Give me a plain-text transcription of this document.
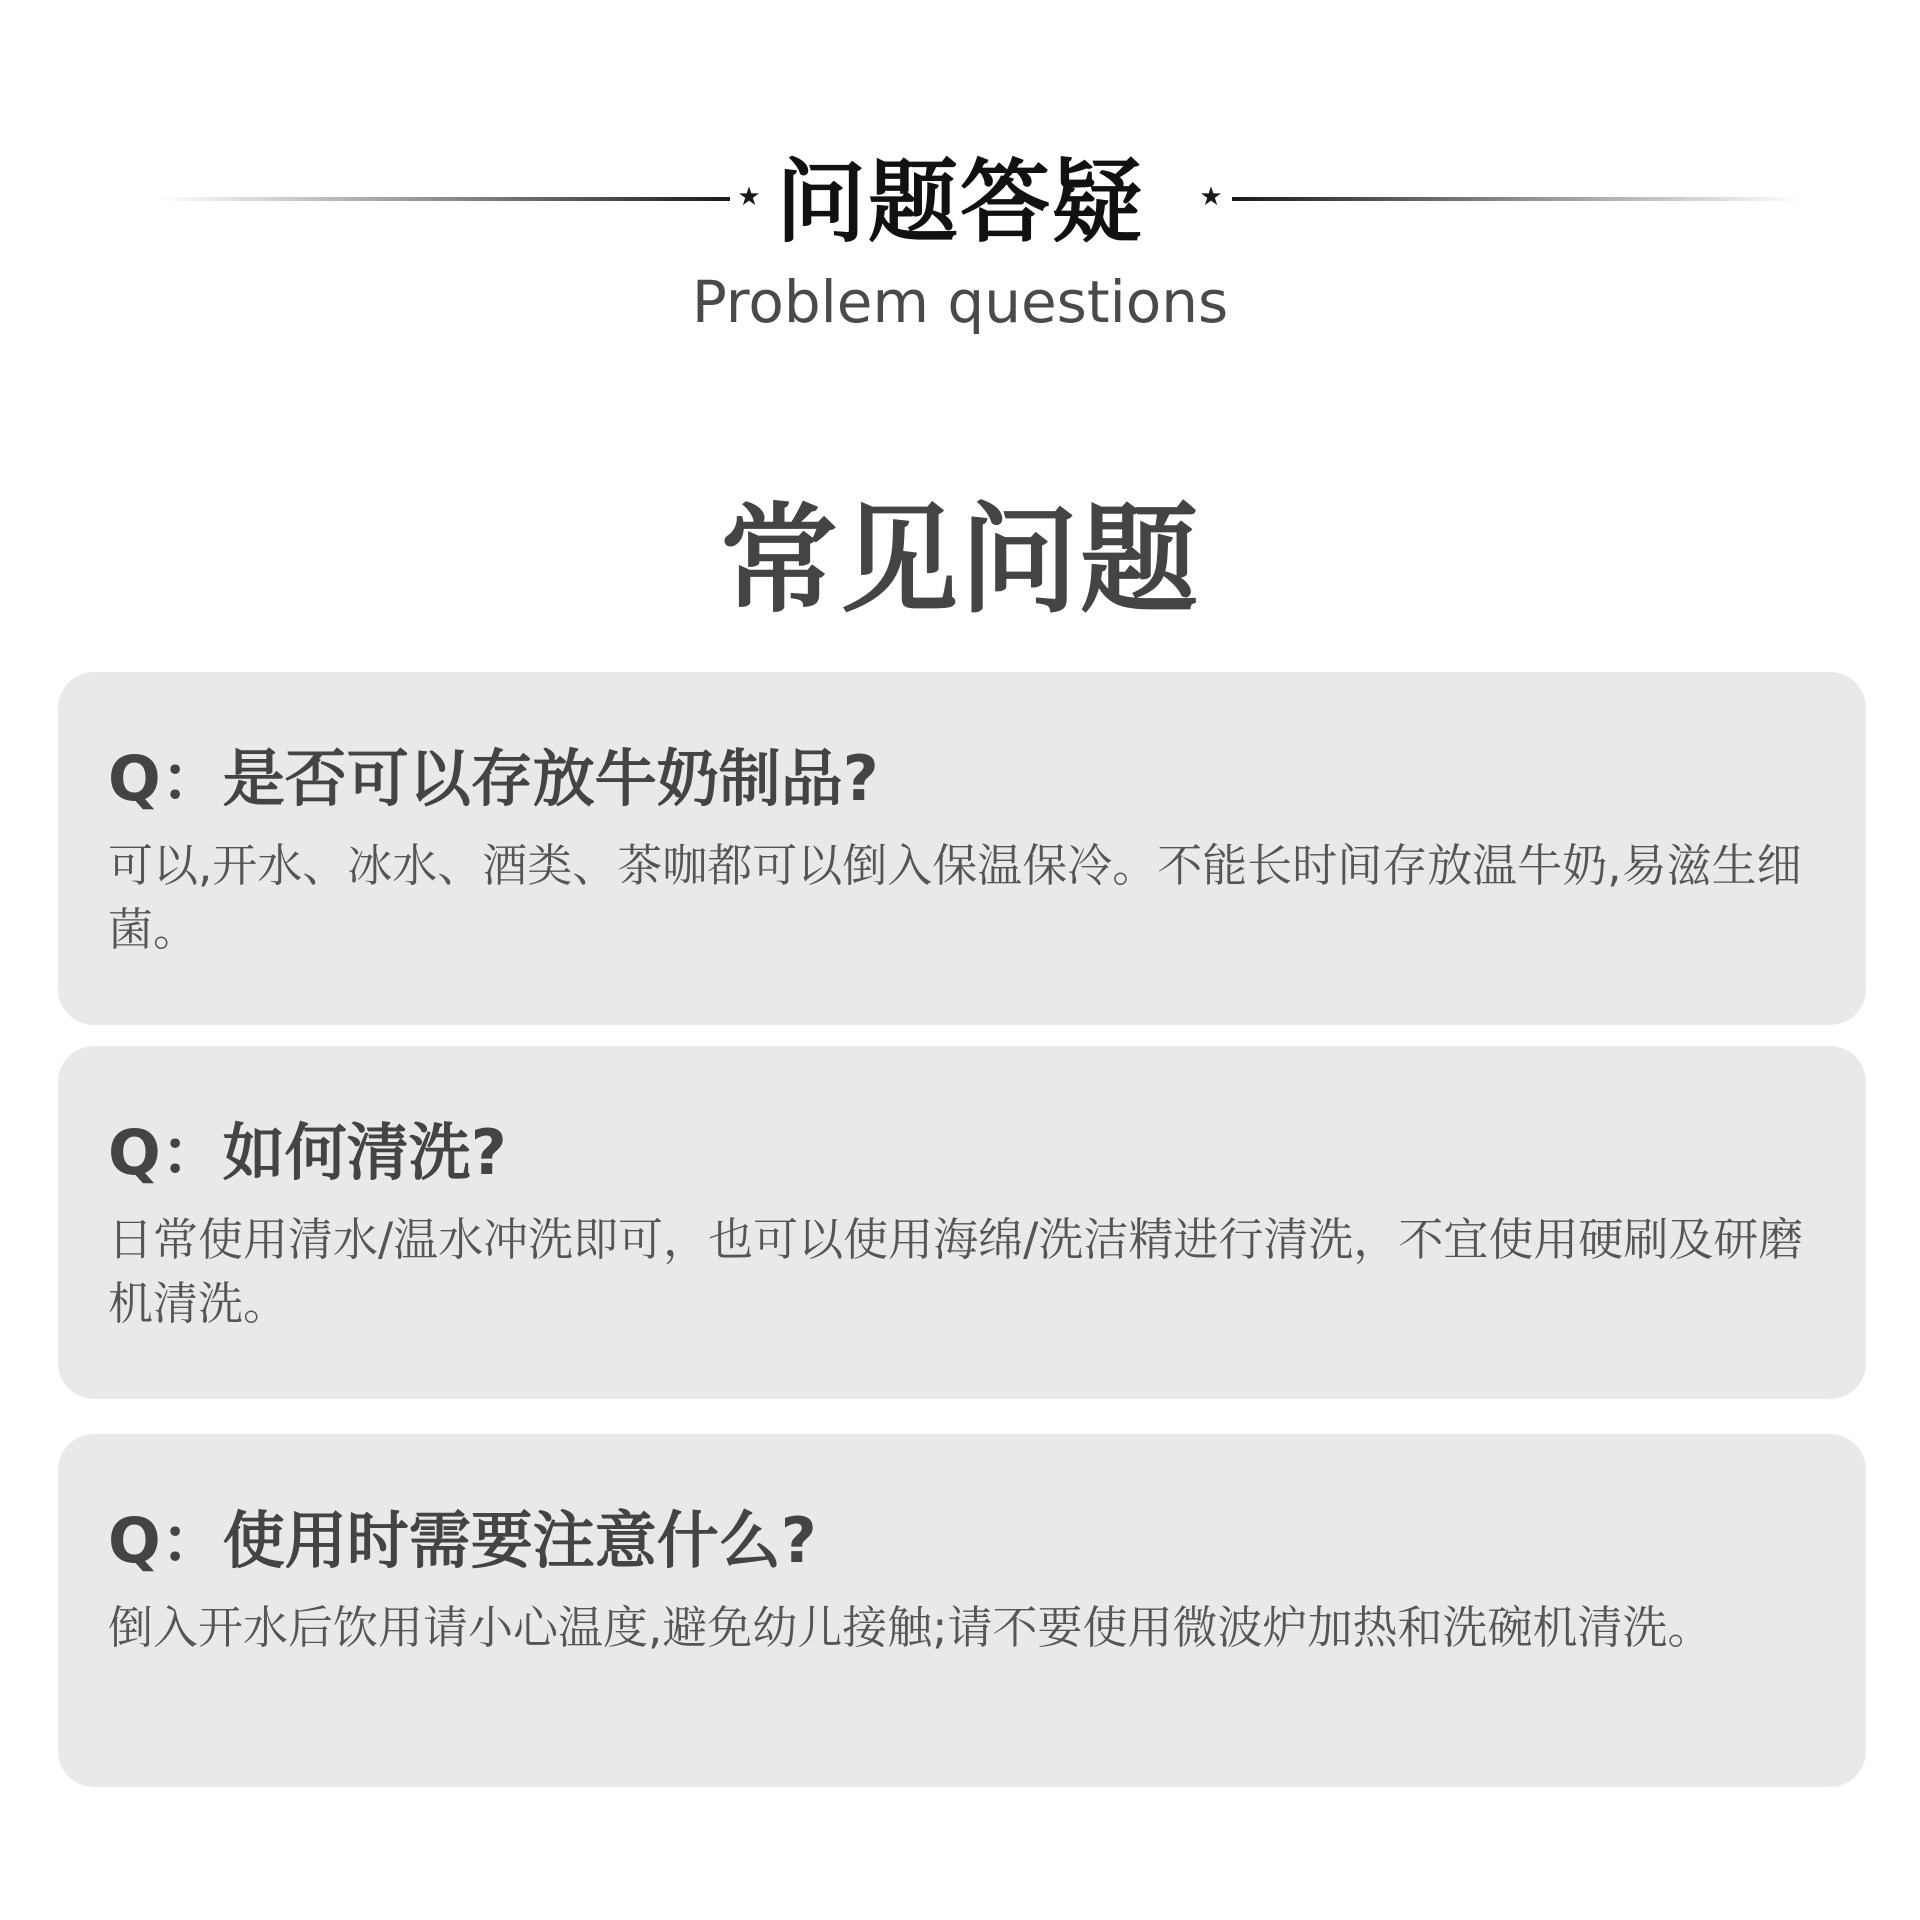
★ 问题答疑	★
Problem questions
常见问题
Q：是否可以存放牛奶制品?
可以,开水、冰水、酒类、茶咖都可以倒入保温保冷。不能长时间存放温牛奶,易滋生细菌。
Q：如何清洗?
日常使用清水/温水冲洗即可，也可以使用海绵/洗洁精进行清洗，不宜使用硬刷及研磨机清洗。
Q：使用时需要注意什么?
倒入开水后饮用请小心温度,避免幼儿接触;请不要使用微波炉加热和洗碗机清洗。
